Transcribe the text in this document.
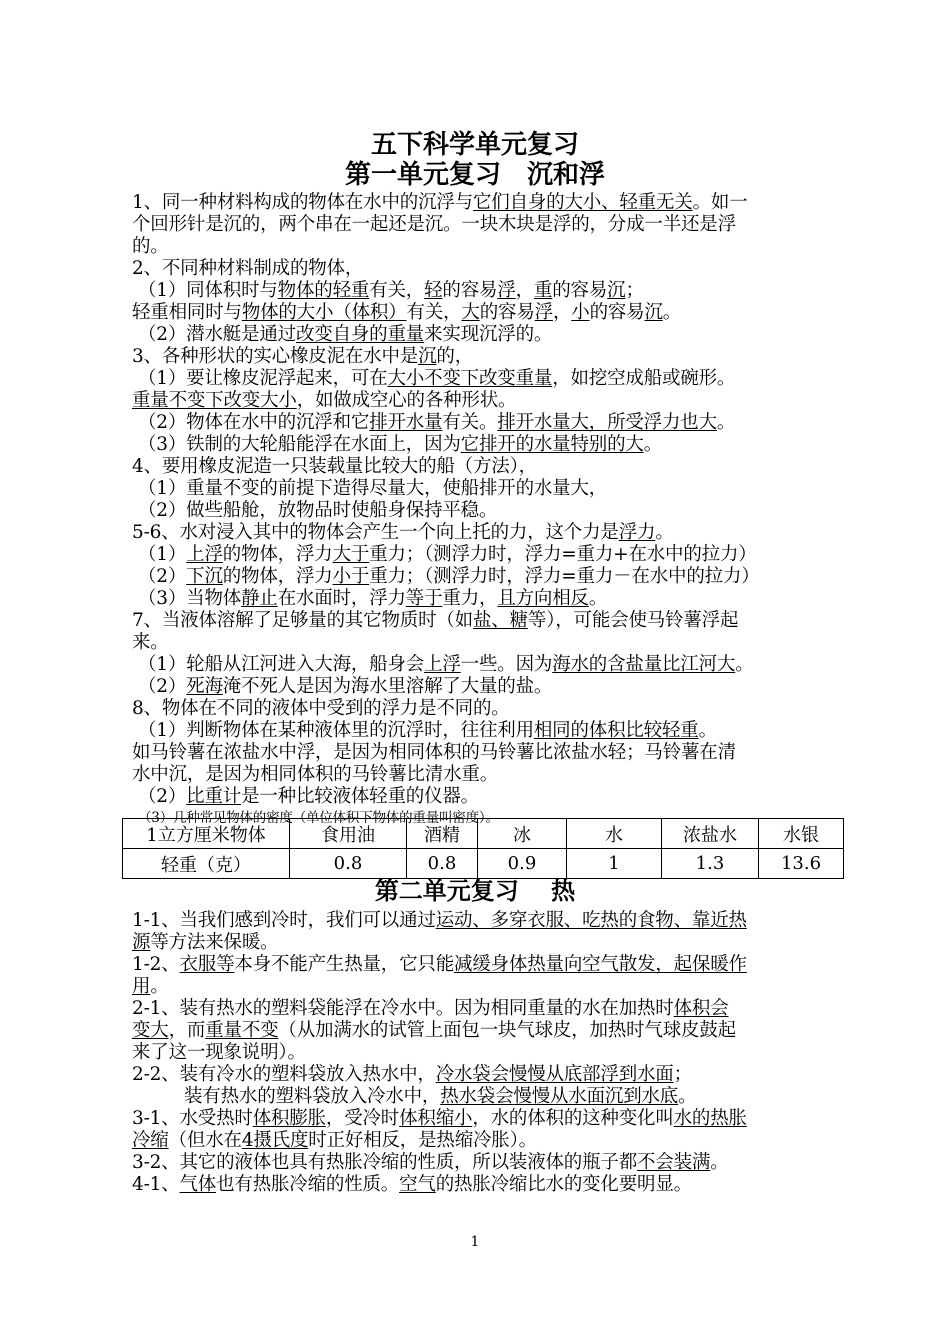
五下科学单元复习
第一单元复习　沉和浮
1、同一种材料构成的物体在水中的沉浮与它们自身的大小、轻重无关。如一
个回形针是沉的，两个串在一起还是沉。一块木块是浮的，分成一半还是浮
的。
2、不同种材料制成的物体，
（1）同体积时与物体的轻重有关，轻的容易浮，重的容易沉；
轻重相同时与物体的大小（体积）有关，大的容易浮，小的容易沉。
（2）潜水艇是通过改变自身的重量来实现沉浮的。
3、各种形状的实心橡皮泥在水中是沉的，
（1）要让橡皮泥浮起来，可在大小不变下改变重量，如挖空成船或碗形。
重量不变下改变大小，如做成空心的各种形状。
（2）物体在水中的沉浮和它排开水量有关。排开水量大，所受浮力也大。
（3）铁制的大轮船能浮在水面上，因为它排开的水量特别的大。
4、要用橡皮泥造一只装载量比较大的船（方法），
（1）重量不变的前提下造得尽量大，使船排开的水量大，
（2）做些船舱，放物品时使船身保持平稳。
5-6、水对浸入其中的物体会产生一个向上托的力，这个力是浮力。
（1）上浮的物体，浮力大于重力；（测浮力时，浮力=重力+在水中的拉力）
（2）下沉的物体，浮力小于重力；（测浮力时，浮力=重力－在水中的拉力）
（3）当物体静止在水面时，浮力等于重力，且方向相反。
7、当液体溶解了足够量的其它物质时（如盐、糖等），可能会使马铃薯浮起
来。
（1）轮船从江河进入大海，船身会上浮一些。因为海水的含盐量比江河大。
（2）死海淹不死人是因为海水里溶解了大量的盐。
8、物体在不同的液体中受到的浮力是不同的。
（1）判断物体在某种液体里的沉浮时，往往利用相同的体积比较轻重。
如马铃薯在浓盐水中浮，是因为相同体积的马铃薯比浓盐水轻；马铃薯在清
水中沉，是因为相同体积的马铃薯比清水重。
（2）比重计是一种比较液体轻重的仪器。
（3）几种常见物体的密度（单位体积下物体的重量叫密度）。
1立方厘米物体	食用油	酒精	冰	水	浓盐水	水银
轻重（克）	0.8	0.8	0.9	1	1.3	13.6
第二单元复习　 热
1-1、当我们感到冷时，我们可以通过运动、多穿衣服、吃热的食物、靠近热
源等方法来保暖。
1-2、衣服等本身不能产生热量，它只能减缓身体热量向空气散发，起保暖作
用。
2-1、装有热水的塑料袋能浮在冷水中。因为相同重量的水在加热时体积会
变大，而重量不变（从加满水的试管上面包一块气球皮，加热时气球皮鼓起
来了这一现象说明）。
2-2、装有冷水的塑料袋放入热水中，冷水袋会慢慢从底部浮到水面；
装有热水的塑料袋放入冷水中，热水袋会慢慢从水面沉到水底。
3-1、水受热时体积膨胀，受冷时体积缩小，水的体积的这种变化叫水的热胀
冷缩（但水在4摄氏度时正好相反，是热缩冷胀）。
3-2、其它的液体也具有热胀冷缩的性质，所以装液体的瓶子都不会装满。
4-1、气体也有热胀冷缩的性质。空气的热胀冷缩比水的变化要明显。
1
